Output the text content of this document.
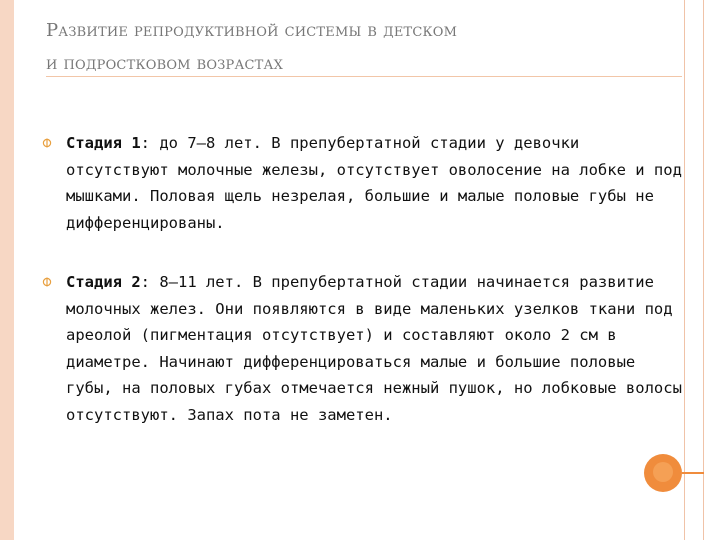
Развитие репродуктивной системы в детском
и подростковом возрастах
Стадия 1: до 7—8 лет. В препубертатной стадии у девочки отсутствуют молочные железы, отсутствует оволосение на лобке и под мышками. Половая щель незрелая, большие и малые половые губы не дифференцированы.
Стадия 2: 8—11 лет. В препубертатной стадии начинается развитие молочных желез. Они появляются в виде маленьких узелков ткани под ареолой (пигментация отсутствует) и составляют около 2 см в диаметре. Начинают дифференцироваться малые и большие половые губы, на половых губах отмечается нежный пушок, но лобковые волосы отсутствуют. Запах пота не заметен.
